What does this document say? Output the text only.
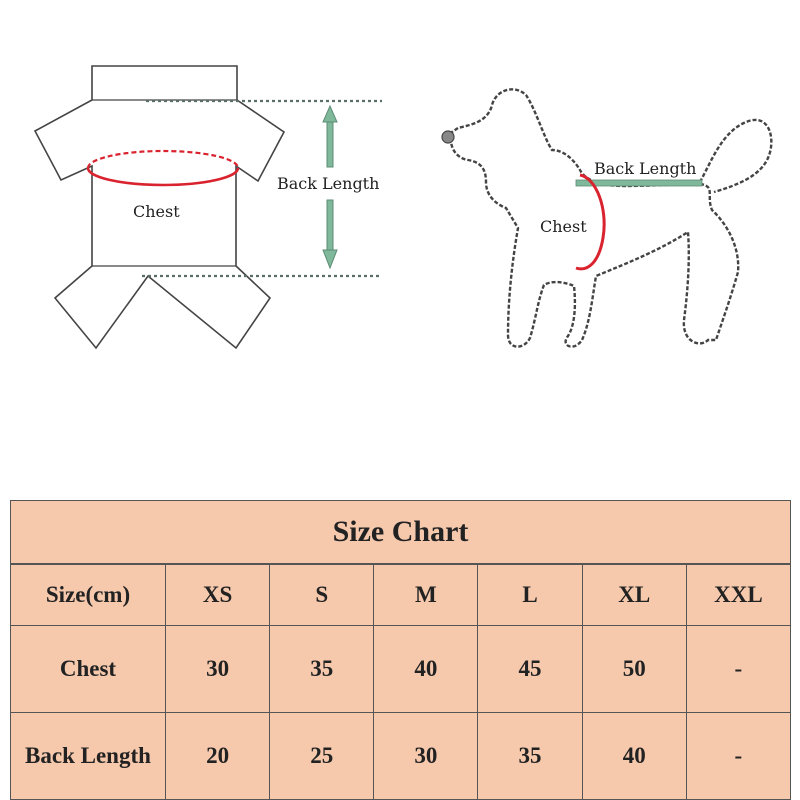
Back Length
Chest
Back Length
Chest
Size Chart						
Size(cm)	XS	S	M	L	XL	XXL
Chest	30	35	40	45	50	-
Back Length	20	25	30	35	40	-
